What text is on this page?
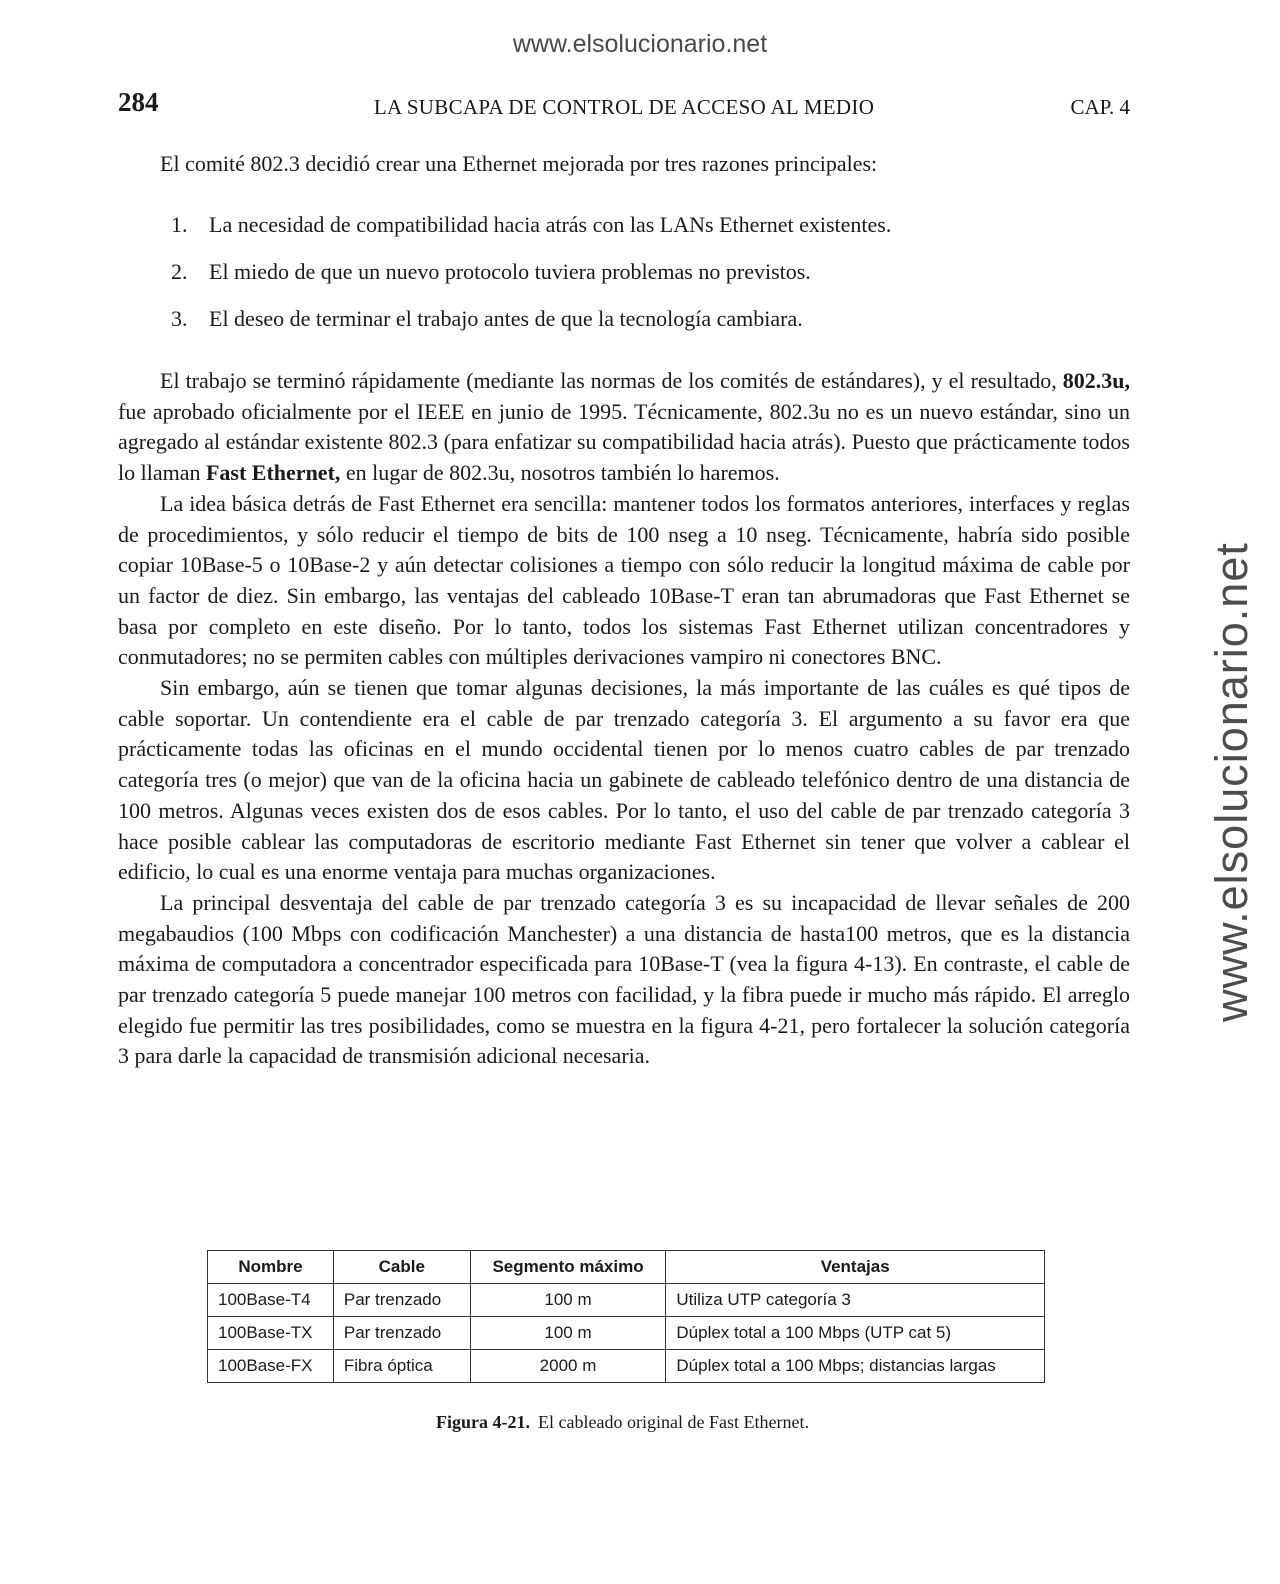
www.elsolucionario.net
www.elsolucionario.net
LA SUBCAPA DE CONTROL DE ACCESO AL MEDIO
284	CAP. 4
El comité 802.3 decidió crear una Ethernet mejorada por tres razones principales:
1. La necesidad de compatibilidad hacia atrás con las LANs Ethernet existentes.
2. El miedo de que un nuevo protocolo tuviera problemas no previstos.
3. El deseo de terminar el trabajo antes de que la tecnología cambiara.

El trabajo se terminó rápidamente (mediante las normas de los comités de estándares), y el resultado, 802.3u, fue aprobado oficialmente por el IEEE en junio de 1995. Técnicamente, 802.3u no es un nuevo estándar, sino un agregado al estándar existente 802.3 (para enfatizar su compatibilidad hacia atrás). Puesto que prácticamente todos lo llaman Fast Ethernet, en lugar de 802.3u, nosotros también lo haremos.

La idea básica detrás de Fast Ethernet era sencilla: mantener todos los formatos anteriores, interfaces y reglas de procedimientos, y sólo reducir el tiempo de bits de 100 nseg a 10 nseg. Técnicamente, habría sido posible copiar 10Base-5 o 10Base-2 y aún detectar colisiones a tiempo con sólo reducir la longitud máxima de cable por un factor de diez. Sin embargo, las ventajas del cableado 10Base-T eran tan abrumadoras que Fast Ethernet se basa por completo en este diseño. Por lo tanto, todos los sistemas Fast Ethernet utilizan concentradores y conmutadores; no se permiten cables con múltiples derivaciones vampiro ni conectores BNC.

Sin embargo, aún se tienen que tomar algunas decisiones, la más importante de las cuáles es qué tipos de cable soportar. Un contendiente era el cable de par trenzado categoría 3. El argumento a su favor era que prácticamente todas las oficinas en el mundo occidental tienen por lo menos cuatro cables de par trenzado categoría tres (o mejor) que van de la oficina hacia un gabinete de cableado telefónico dentro de una distancia de 100 metros. Algunas veces existen dos de esos cables. Por lo tanto, el uso del cable de par trenzado categoría 3 hace posible cablear las computadoras de escritorio mediante Fast Ethernet sin tener que volver a cablear el edificio, lo cual es una enorme ventaja para muchas organizaciones.

La principal desventaja del cable de par trenzado categoría 3 es su incapacidad de llevar señales de 200 megabaudios (100 Mbps con codificación Manchester) a una distancia de hasta100 metros, que es la distancia máxima de computadora a concentrador especificada para 10Base-T (vea la figura 4-13). En contraste, el cable de par trenzado categoría 5 puede manejar 100 metros con facilidad, y la fibra puede ir mucho más rápido. El arreglo elegido fue permitir las tres posibilidades, como se muestra en la figura 4-21, pero fortalecer la solución categoría 3 para darle la capacidad de transmisión adicional necesaria.

Nombre	Cable	Segmento máximo	Ventajas
100Base-T4	Par trenzado	100 m	Utiliza UTP categoría 3
100Base-TX	Par trenzado	100 m	Dúplex total a 100 Mbps (UTP cat 5)
100Base-FX	Fibra óptica	2000 m	Dúplex total a 100 Mbps; distancias largas
Figura 4-21. El cableado original de Fast Ethernet.
